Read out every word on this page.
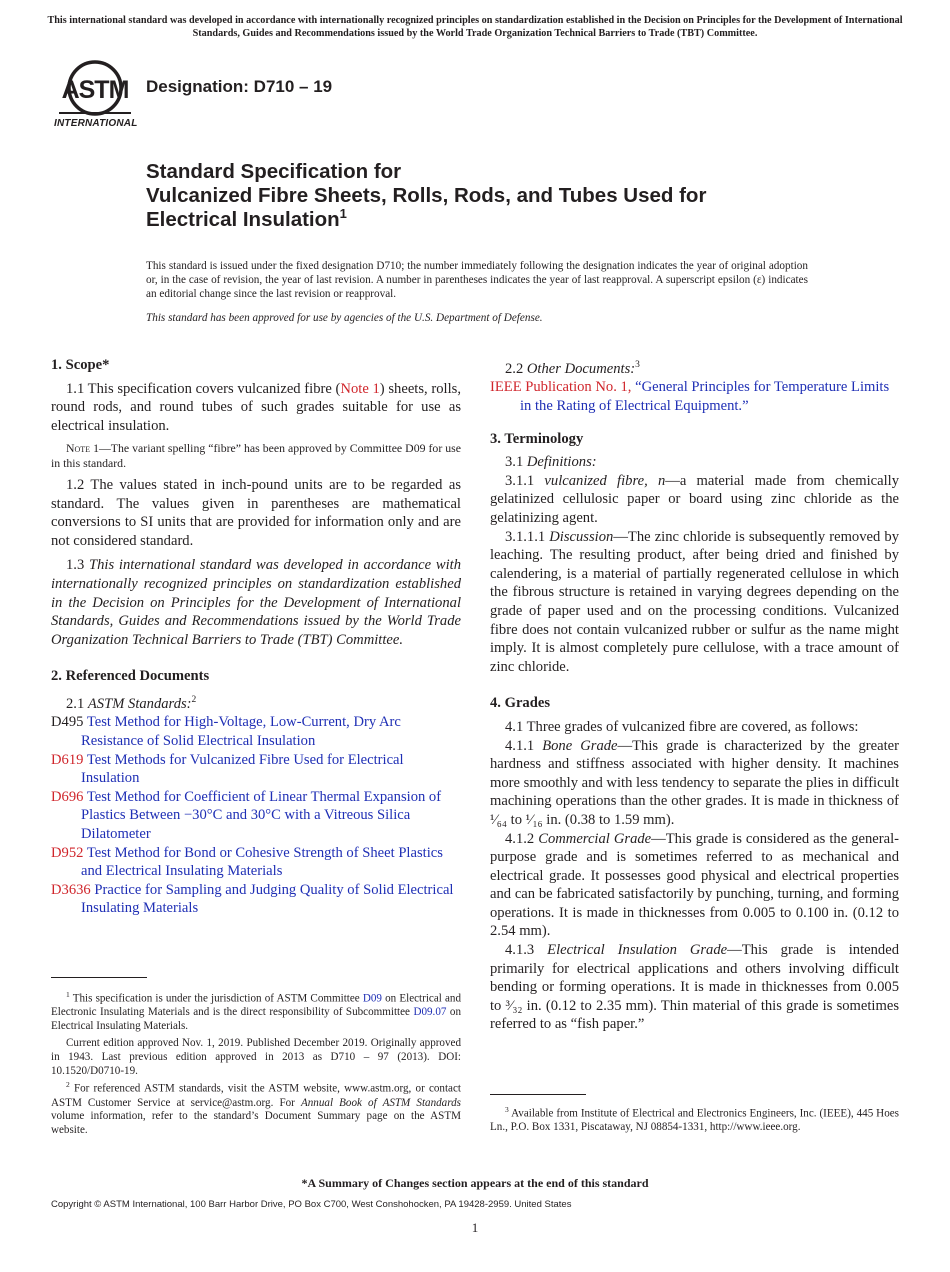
This international standard was developed in accordance with internationally recognized principles on standardization established in the Decision on Principles for the Development of International Standards, Guides and Recommendations issued by the World Trade Organization Technical Barriers to Trade (TBT) Committee.
ASTM
INTERNATIONAL
Designation: D710 – 19
Standard Specification for
Vulcanized Fibre Sheets, Rolls, Rods, and Tubes Used for
Electrical Insulation$^1$
This standard is issued under the fixed designation D710; the number immediately following the designation indicates the year of original adoption or, in the case of revision, the year of last revision. A number in parentheses indicates the year of last reapproval. A superscript epsilon (ε) indicates an editorial change since the last revision or reapproval.
This standard has been approved for use by agencies of the U.S. Department of Defense.
1. Scope*

1.1 This specification covers vulcanized fibre (Note 1) sheets, rolls, round rods, and round tubes of such grades suitable for use as electrical insulation.

Note 1—The variant spelling “fibre” has been approved by Committee D09 for use in this standard.

1.2 The values stated in inch-pound units are to be regarded as standard. The values given in parentheses are mathematical conversions to SI units that are provided for information only and are not considered standard.

1.3 This international standard was developed in accordance with internationally recognized principles on standardization established in the Decision on Principles for the Development of International Standards, Guides and Recommendations issued by the World Trade Organization Technical Barriers to Trade (TBT) Committee.

2. Referenced Documents

2.1 ASTM Standards:$^2$

D495 Test Method for High-Voltage, Low-Current, Dry Arc Resistance of Solid Electrical Insulation

D619 Test Methods for Vulcanized Fibre Used for Electrical Insulation

D696 Test Method for Coefficient of Linear Thermal Expansion of Plastics Between −30°C and 30°C with a Vitreous Silica Dilatometer

D952 Test Method for Bond or Cohesive Strength of Sheet Plastics and Electrical Insulating Materials

D3636 Practice for Sampling and Judging Quality of Solid Electrical Insulating Materials

$^1$ This specification is under the jurisdiction of ASTM Committee D09 on Electrical and Electronic Insulating Materials and is the direct responsibility of Subcommittee D09.07 on Electrical Insulating Materials.

Current edition approved Nov. 1, 2019. Published December 2019. Originally approved in 1943. Last previous edition approved in 2013 as D710 – 97 (2013). DOI: 10.1520/D0710-19.

$^2$ For referenced ASTM standards, visit the ASTM website, www.astm.org, or contact ASTM Customer Service at service@astm.org. For Annual Book of ASTM Standards volume information, refer to the standard’s Document Summary page on the ASTM website.

2.2 Other Documents:$^3$

IEEE Publication No. 1, “General Principles for Temperature Limits in the Rating of Electrical Equipment.”

3. Terminology

3.1 Definitions:

3.1.1 vulcanized fibre, n—a material made from chemically gelatinized cellulosic paper or board using zinc chloride as the gelatinizing agent.

3.1.1.1 Discussion—The zinc chloride is subsequently removed by leaching. The resulting product, after being dried and finished by calendering, is a material of partially regenerated cellulose in which the fibrous structure is retained in varying degrees depending on the grade of paper used and on the processing conditions. Vulcanized fibre does not contain vulcanized rubber or sulfur as the name might imply. It is almost completely pure cellulose, with a trace amount of zinc chloride.

4. Grades

4.1 Three grades of vulcanized fibre are covered, as follows:

4.1.1 Bone Grade—This grade is characterized by the greater hardness and stiffness associated with higher density. It machines more smoothly and with less tendency to separate the plies in difficult machining operations than the other grades. It is made in thickness of ¹⁄₆₄ to ¹⁄₁₆ in. (0.38 to 1.59 mm).

4.1.2 Commercial Grade—This grade is considered as the general-purpose grade and is sometimes referred to as mechanical and electrical grade. It possesses good physical and electrical properties and can be fabricated satisfactorily by punching, turning, and forming operations. It is made in thicknesses from 0.005 to 0.100 in. (0.12 to 2.54 mm).

4.1.3 Electrical Insulation Grade—This grade is intended primarily for electrical applications and others involving difficult bending or forming operations. It is made in thicknesses from 0.005 to ³⁄₃₂ in. (0.12 to 2.35 mm). Thin material of this grade is sometimes referred to as “fish paper.”

$^3$ Available from Institute of Electrical and Electronics Engineers, Inc. (IEEE), 445 Hoes Ln., P.O. Box 1331, Piscataway, NJ 08854-1331, http://www.ieee.org.

*A Summary of Changes section appears at the end of this standard
Copyright © ASTM International, 100 Barr Harbor Drive, PO Box C700, West Conshohocken, PA 19428-2959. United States
1
